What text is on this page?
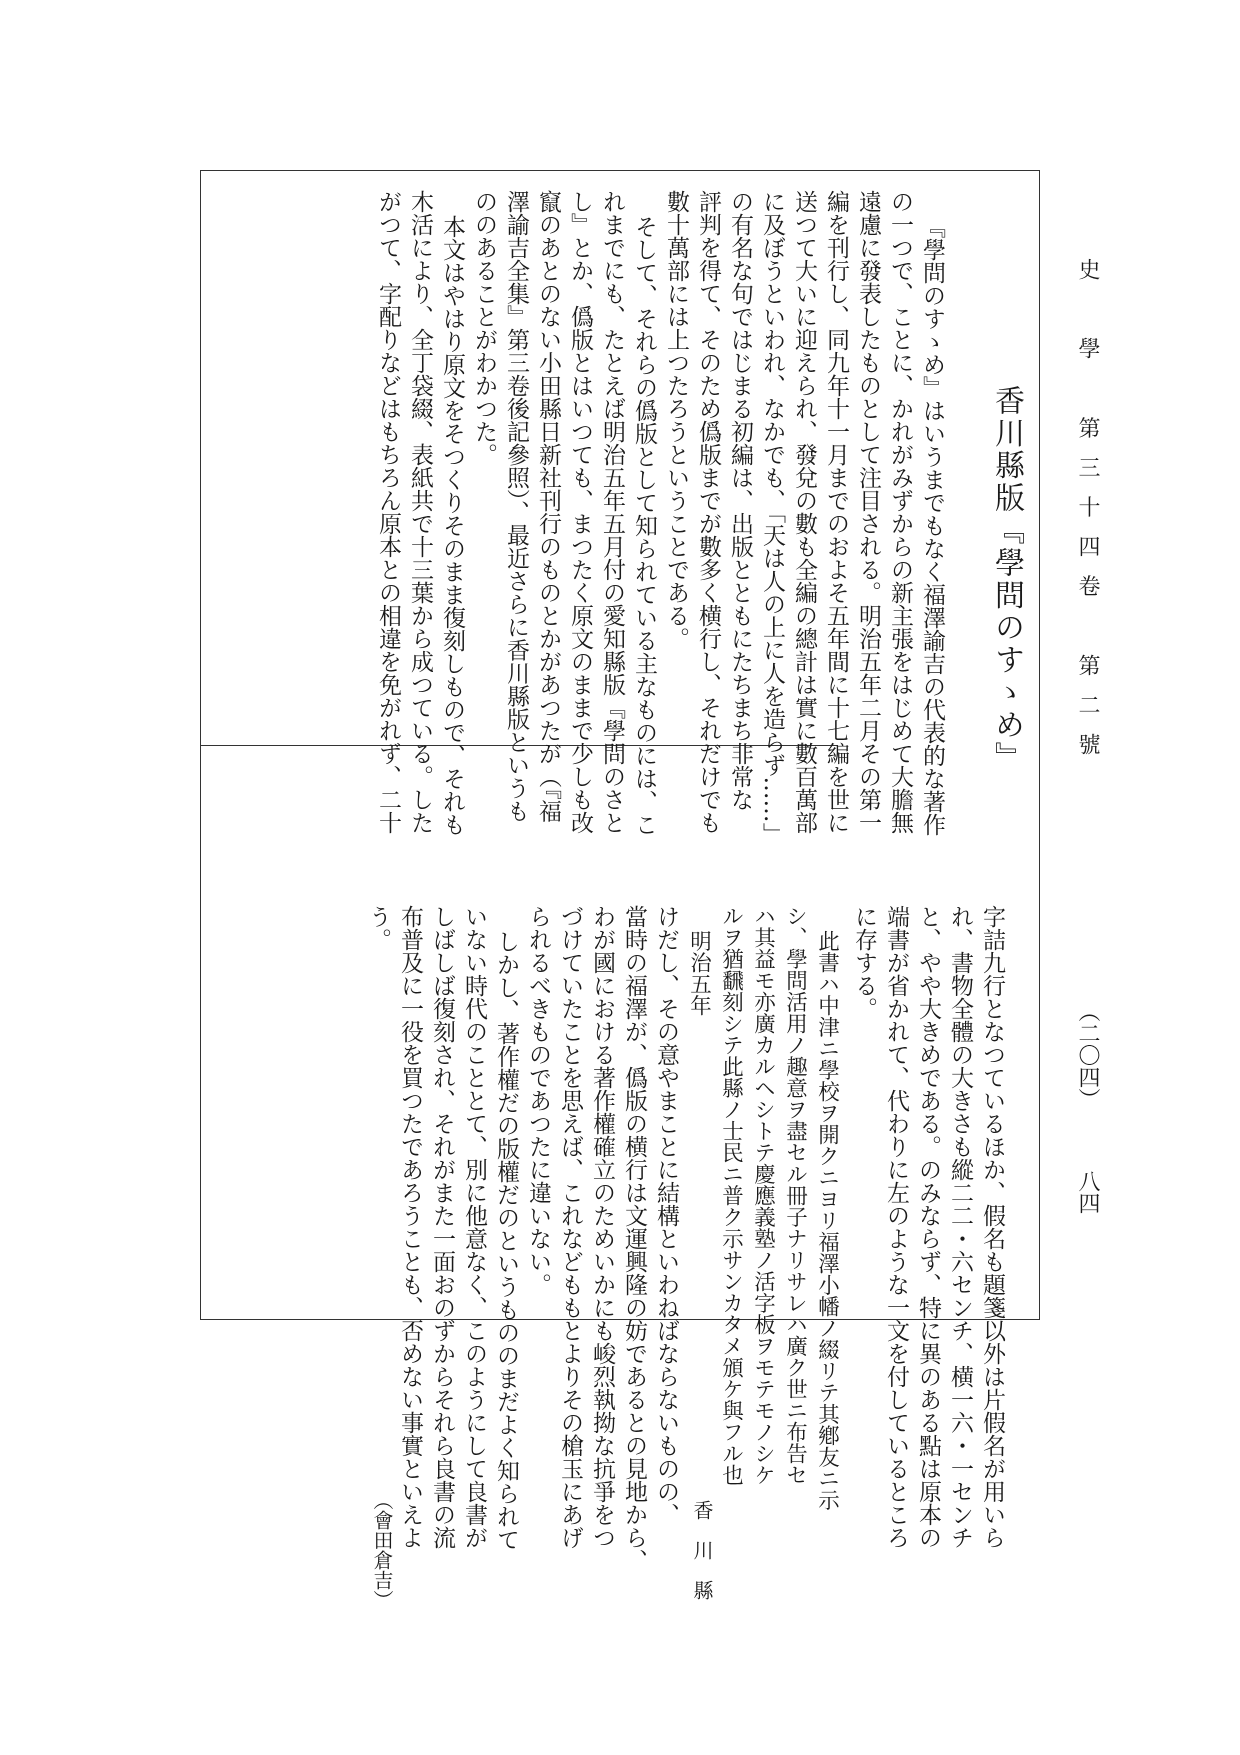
史　學　第三十四卷　第二號
（二〇四）八四
香川縣版『學問のすゝめ』
『學問のすゝめ』はいうまでもなく福澤諭吉の代表的な著作
の一つで、ことに、かれがみずからの新主張をはじめて大膽無
遠慮に發表したものとして注目される。明治五年二月その第一
編を刊行し、同九年十一月までのおよそ五年間に十七編を世に
送つて大いに迎えられ、發兌の數も全編の總計は實に數百萬部
に及ぼうといわれ、なかでも、「天は人の上に人を造らず……」
の有名な句ではじまる初編は、出版とともにたちまち非常な
評判を得て、そのため僞版までが數多く横行し、それだけでも
數十萬部には上つたろうということである。
そして、それらの僞版として知られている主なものには、こ
れまでにも、たとえば明治五年五月付の愛知縣版『學問のさと
し』とか、僞版とはいつても、まつたく原文のままで少しも改
竄のあとのない小田縣日新社刊行のものとかがあつたが（『福
澤諭吉全集』第三卷後記參照）、最近さらに香川縣版というも
ののあることがわかつた。
本文はやはり原文をそつくりそのまま復刻しもので、それも
木活により、全丁袋綴、表紙共で十三葉から成つている。した
がつて、字配りなどはもちろん原本との相違を免がれず、二十
字詰九行となつているほか、假名も題箋以外は片假名が用いら
れ、書物全體の大きさも縱二二・六センチ、横一六・一センチ
と、やや大きめである。のみならず、特に異のある點は原本の
端書が省かれて、代わりに左のような一文を付しているところ
に存する。
此書ハ中津ニ學校ヲ開クニヨリ福澤小幡ノ綴リテ其鄕友ニ示
シ、學問活用ノ趣意ヲ盡セル冊子ナリサレハ廣ク世ニ布告セ
ハ其益モ亦廣カルヘシトテ慶應義塾ノ活字板ヲモテモノシケ
ルヲ猶飜刻シテ此縣ノ士民ニ普ク示サンカタメ頒ケ與フル也
明治五年
香　川　縣
けだし、その意やまことに結構といわねばならないものの、
當時の福澤が、僞版の横行は文運興隆の妨であるとの見地から、
わが國における著作權確立のためいかにも峻烈執拗な抗爭をつ
づけていたことを思えば、これなどももとよりその槍玉にあげ
られるべきものであつたに違いない。
しかし、著作權だの版權だのというもののまだよく知られて
いない時代のこととて、別に他意なく、このようにして良書が
しばしば復刻され、それがまた一面おのずからそれら良書の流
布普及に一役を買つたであろうことも、否めない事實といえよ
う。
（會田倉吉）
